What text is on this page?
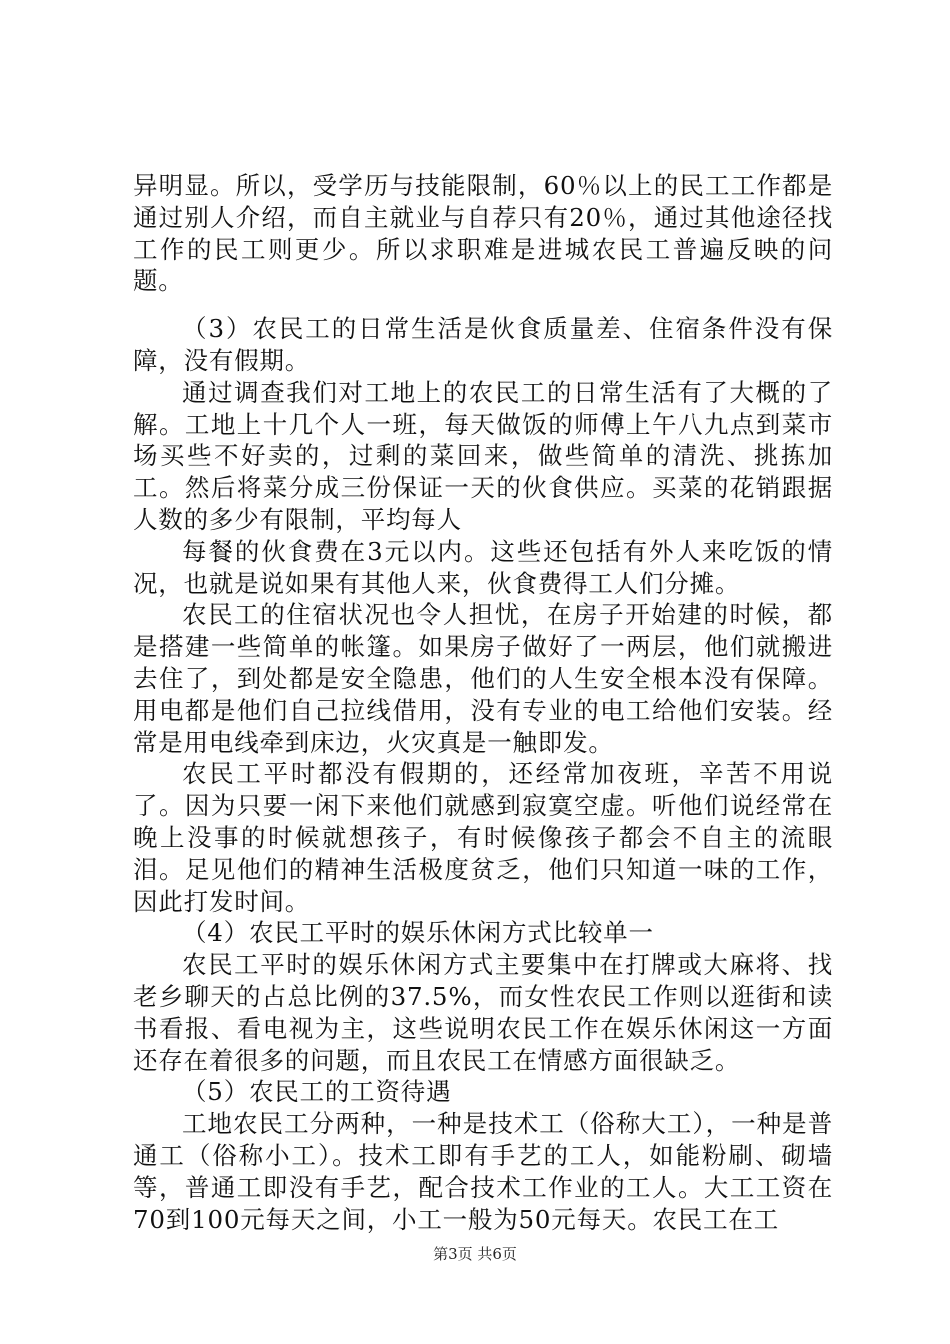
异明显。所以，受学历与技能限制，60％以上的民工工作都是通过别人介绍，而自主就业与自荐只有20％，通过其他途径找工作的民工则更少。所以求职难是进城农民工普遍反映的问题。

（3）农民工的日常生活是伙食质量差、住宿条件没有保障，没有假期。

通过调查我们对工地上的农民工的日常生活有了大概的了解。工地上十几个人一班，每天做饭的师傅上午八九点到菜市场买些不好卖的，过剩的菜回来，做些简单的清洗、挑拣加工。然后将菜分成三份保证一天的伙食供应。买菜的花销跟据人数的多少有限制，平均每人

每餐的伙食费在3元以内。这些还包括有外人来吃饭的情况，也就是说如果有其他人来，伙食费得工人们分摊。

农民工的住宿状况也令人担忧，在房子开始建的时候，都是搭建一些简单的帐篷。如果房子做好了一两层，他们就搬进去住了，到处都是安全隐患，他们的人生安全根本没有保障。用电都是他们自己拉线借用，没有专业的电工给他们安装。经常是用电线牵到床边，火灾真是一触即发。

农民工平时都没有假期的，还经常加夜班，辛苦不用说了。因为只要一闲下来他们就感到寂寞空虚。听他们说经常在晚上没事的时候就想孩子，有时候像孩子都会不自主的流眼泪。足见他们的精神生活极度贫乏，他们只知道一味的工作，因此打发时间。

（4）农民工平时的娱乐休闲方式比较单一

农民工平时的娱乐休闲方式主要集中在打牌或大麻将、找老乡聊天的占总比例的37.5%，而女性农民工作则以逛街和读书看报、看电视为主，这些说明农民工作在娱乐休闲这一方面还存在着很多的问题，而且农民工在情感方面很缺乏。

（5）农民工的工资待遇

工地农民工分两种，一种是技术工（俗称大工），一种是普通工（俗称小工）。技术工即有手艺的工人，如能粉刷、砌墙等，普通工即没有手艺，配合技术工作业的工人。大工工资在70到100元每天之间，小工一般为50元每天。农民工在工

第3页 共6页
